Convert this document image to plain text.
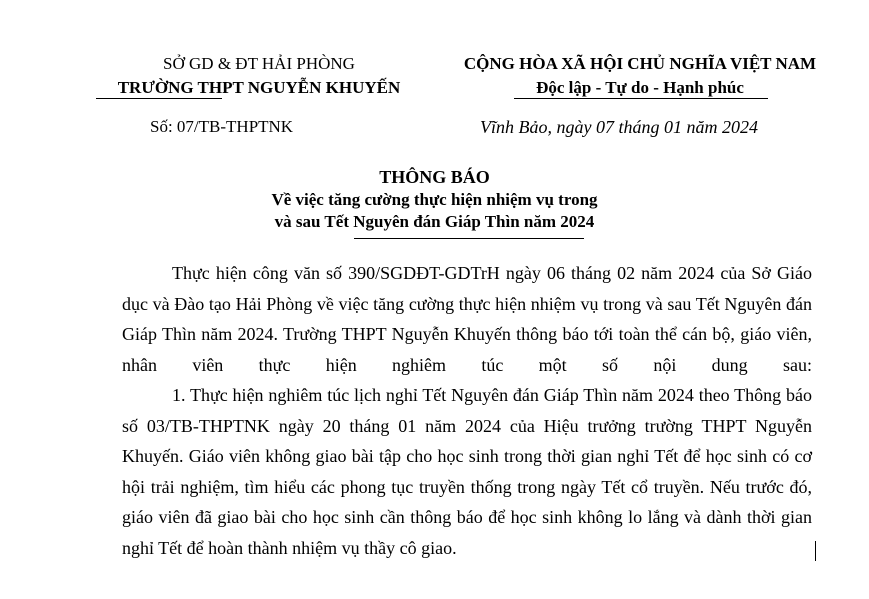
SỞ GD & ĐT HẢI PHÒNG
TRƯỜNG THPT NGUYỄN KHUYẾN
CỘNG HÒA XÃ HỘI CHỦ NGHĨA VIỆT NAM
Độc lập - Tự do - Hạnh phúc
Số: 07/TB-THPTNK	Vĩnh Bảo, ngày 07 tháng 01 năm 2024
THÔNG BÁO
Về việc tăng cường thực hiện nhiệm vụ trong
và sau Tết Nguyên đán Giáp Thìn năm 2024

Thực hiện công văn số 390/SGDĐT-GDTrH ngày 06 tháng 02 năm 2024 của Sở Giáo dục và Đào tạo Hải Phòng về việc tăng cường thực hiện nhiệm vụ trong và sau Tết Nguyên đán Giáp Thìn năm 2024. Trường THPT Nguyễn Khuyến thông báo tới toàn thể cán bộ, giáo viên, nhân viên thực hiện nghiêm túc một số nội dung sau:

1. Thực hiện nghiêm túc lịch nghỉ Tết Nguyên đán Giáp Thìn năm 2024 theo Thông báo số 03/TB-THPTNK ngày 20 tháng 01 năm 2024 của Hiệu trưởng trường THPT Nguyễn Khuyến. Giáo viên không giao bài tập cho học sinh trong thời gian nghỉ Tết để học sinh có cơ hội trải nghiệm, tìm hiểu các phong tục truyền thống trong ngày Tết cổ truyền. Nếu trước đó, giáo viên đã giao bài cho học sinh cần thông báo để học sinh không lo lắng và dành thời gian nghỉ Tết để hoàn thành nhiệm vụ thầy cô giao.
